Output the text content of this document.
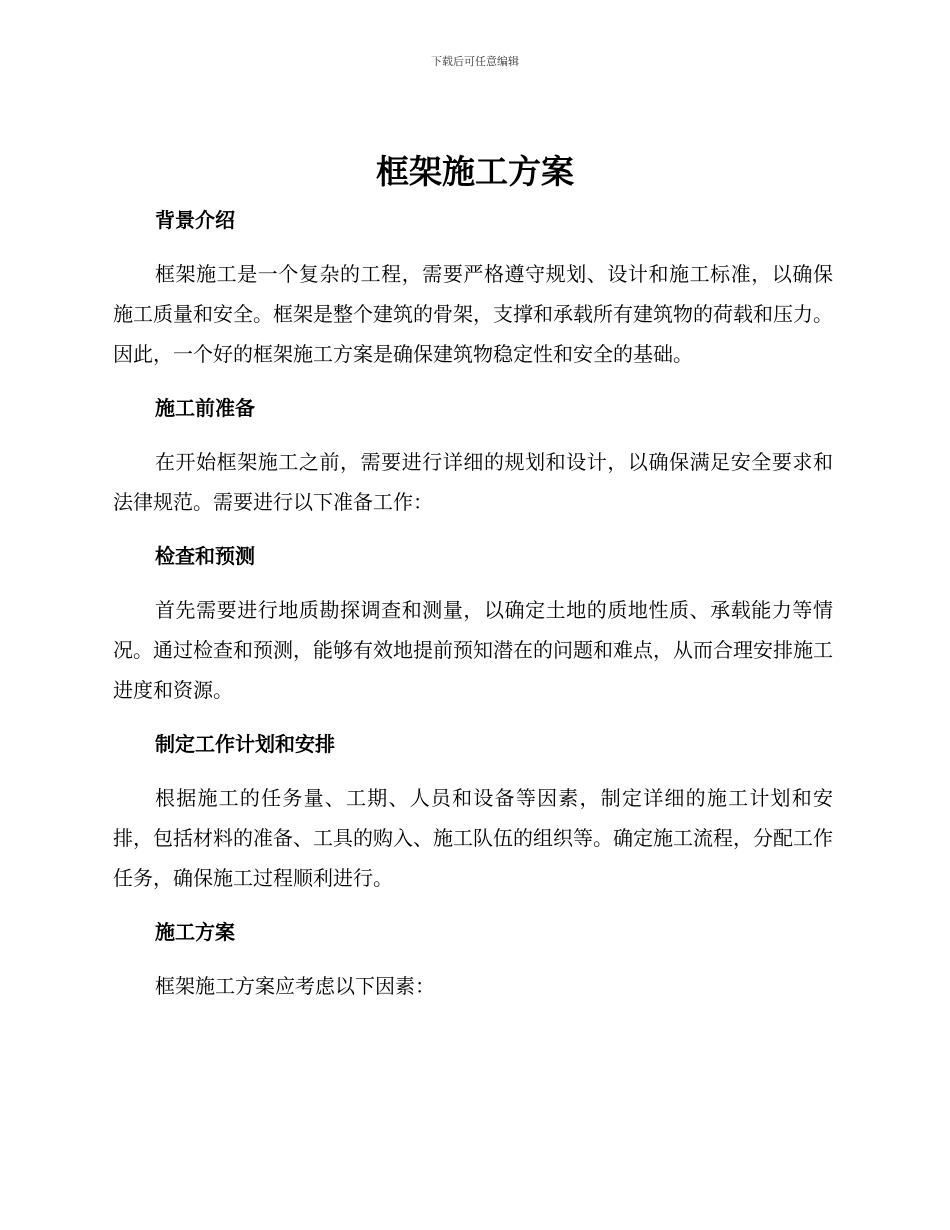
下载后可任意编辑
框架施工方案
背景介绍

框架施工是一个复杂的工程，需要严格遵守规划、设计和施工标准，以确保施工质量和安全。框架是整个建筑的骨架，支撑和承载所有建筑物的荷载和压力。因此，一个好的框架施工方案是确保建筑物稳定性和安全的基础。

施工前准备

在开始框架施工之前，需要进行详细的规划和设计，以确保满足安全要求和法律规范。需要进行以下准备工作：

检查和预测

首先需要进行地质勘探调查和测量，以确定土地的质地性质、承载能力等情况。通过检查和预测，能够有效地提前预知潜在的问题和难点，从而合理安排施工进度和资源。

制定工作计划和安排

根据施工的任务量、工期、人员和设备等因素，制定详细的施工计划和安排，包括材料的准备、工具的购入、施工队伍的组织等。确定施工流程，分配工作任务，确保施工过程顺利进行。

施工方案

框架施工方案应考虑以下因素：
